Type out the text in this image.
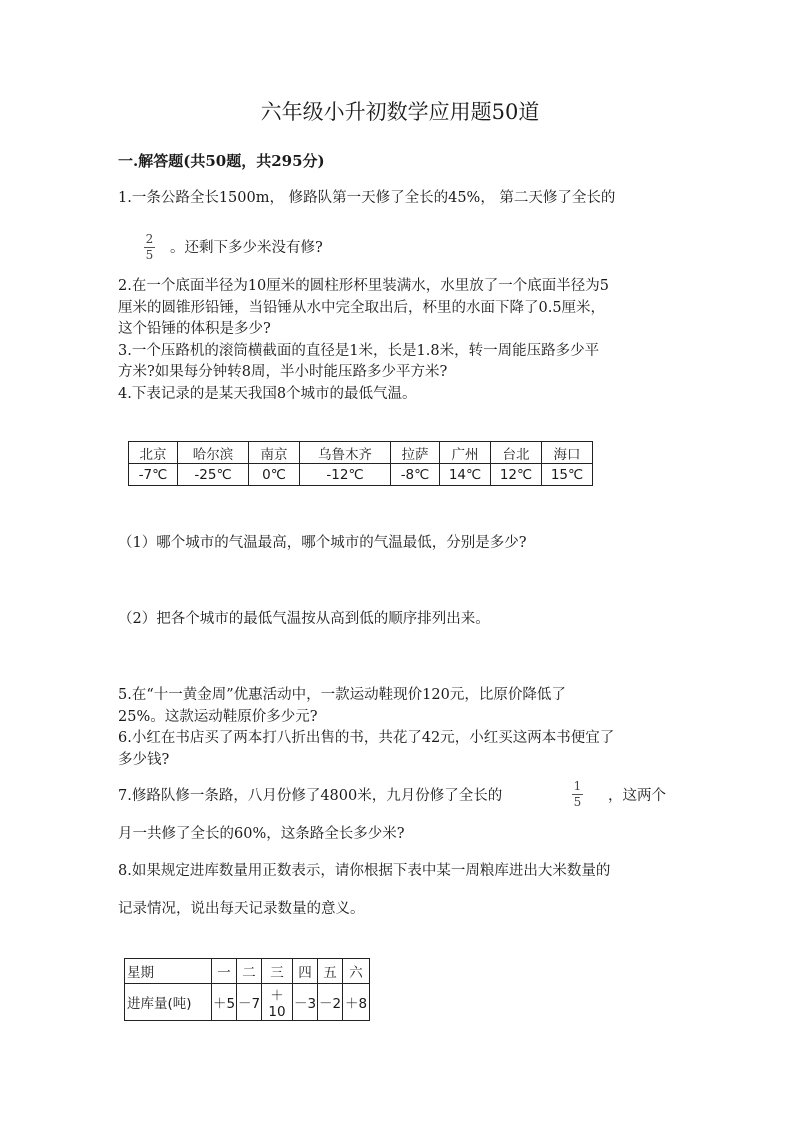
六年级小升初数学应用题50道
一.解答题(共50题，共295分)
1.一条公路全长1500m， 修路队第一天修了全长的45%， 第二天修了全长的
2
5 。还剩下多少米没有修?
2.在一个底面半径为10厘米的圆柱形杯里装满水，水里放了一个底面半径为5
厘米的圆锥形铅锤，当铅锤从水中完全取出后，杯里的水面下降了0.5厘米，
这个铅锤的体积是多少?
3.一个压路机的滚筒横截面的直径是1米，长是1.8米，转一周能压路多少平
方米?如果每分钟转8周，半小时能压路多少平方米?
4.下表记录的是某天我国8个城市的最低气温。
北京	哈尔滨	南京	乌鲁木齐	拉萨	广州	台北	海口
-7℃	-25℃	0℃	-12℃	-8℃	14℃	12℃	15℃
（1）哪个城市的气温最高，哪个城市的气温最低，分别是多少?
（2）把各个城市的最低气温按从高到低的顺序排列出来。
5.在“十一黄金周”优惠活动中，一款运动鞋现价120元，比原价降低了
25%。这款运动鞋原价多少元?
6.小红在书店买了两本打八折出售的书，共花了42元，小红买这两本书便宜了
多少钱?
7.修路队修一条路，八月份修了4800米，九月份修了全长的
1
5 ，这两个
月一共修了全长的60%，这条路全长多少米?
8.如果规定进库数量用正数表示，请你根据下表中某一周粮库进出大米数量的
记录情况，说出每天记录数量的意义。
星期	一	二	三	四	五	六
进库量(吨)	＋5	－7	＋10	－3	－2	＋8
